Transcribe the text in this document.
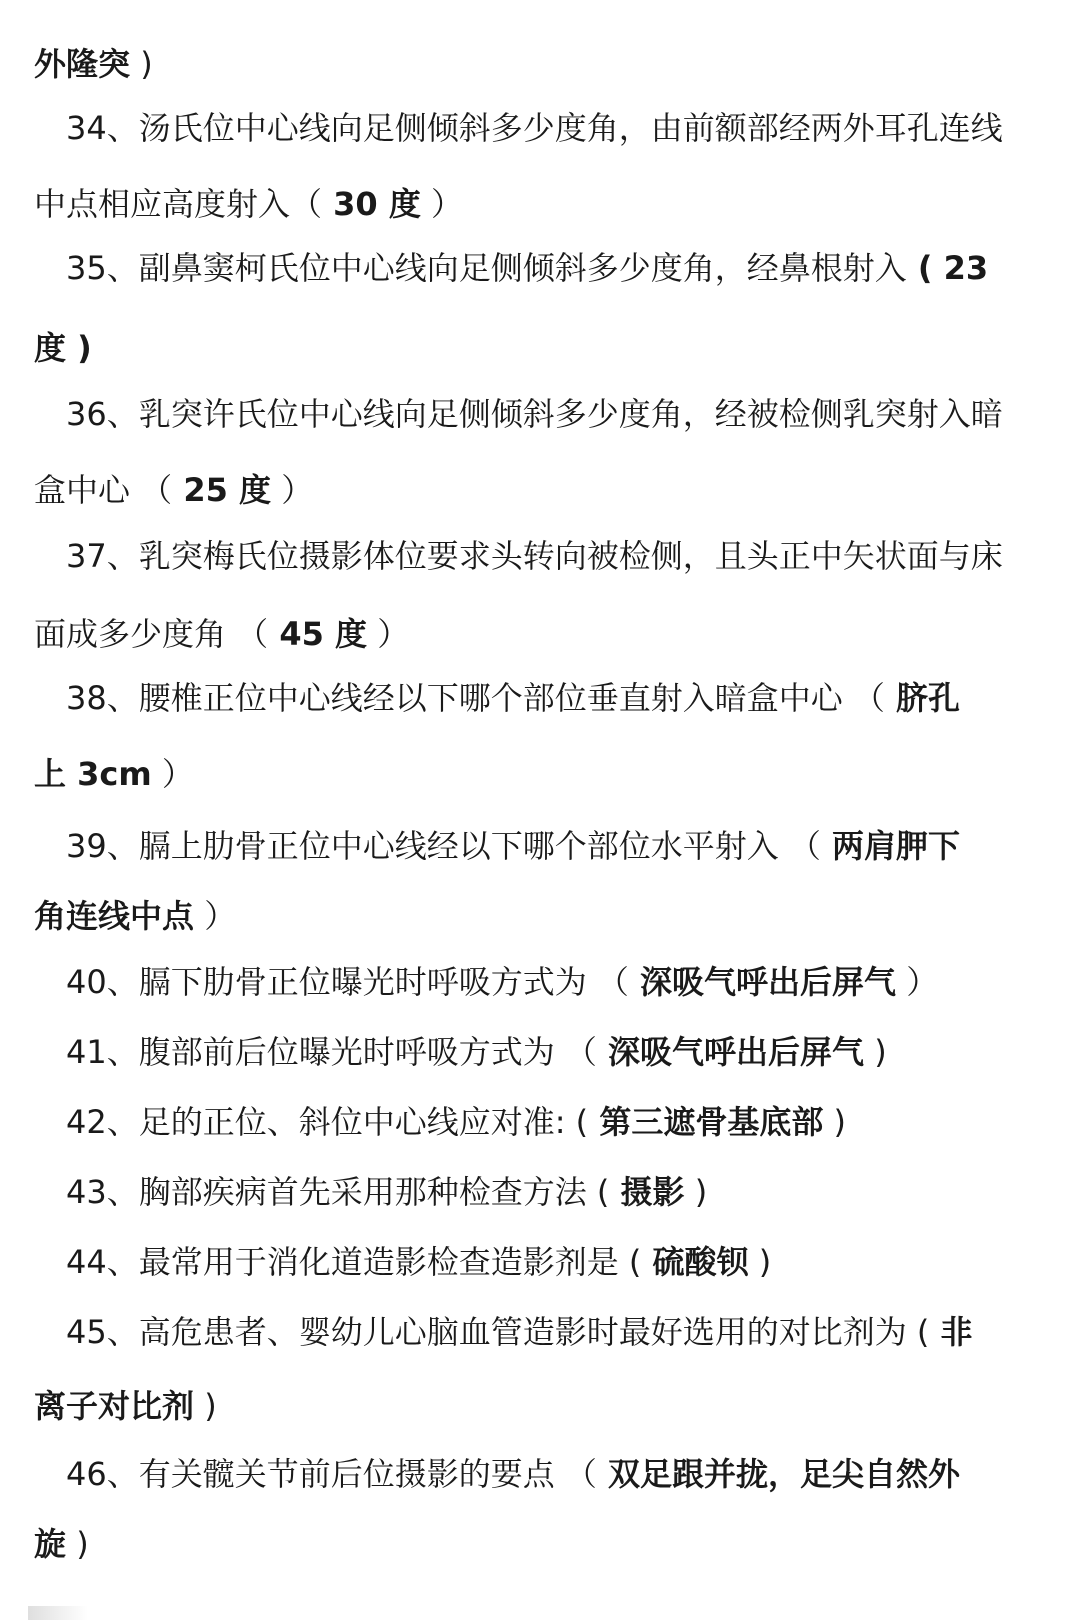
外隆突 )
34、汤氏位中心线向足侧倾斜多少度角，由前额部经两外耳孔连线
中点相应高度射入（ 30 度 ）
35、副鼻窦柯氏位中心线向足侧倾斜多少度角，经鼻根射入 ( 23
度 )
36、乳突许氏位中心线向足侧倾斜多少度角，经被检侧乳突射入暗
盒中心 （ 25 度 ）
37、乳突梅氏位摄影体位要求头转向被检侧，且头正中矢状面与床
面成多少度角 （ 45 度 ）
38、腰椎正位中心线经以下哪个部位垂直射入暗盒中心 （ 脐孔
上 3cm ）
39、膈上肋骨正位中心线经以下哪个部位水平射入 （ 两肩胛下
角连线中点 ）
40、膈下肋骨正位曝光时呼吸方式为 （ 深吸气呼出后屏气 ）
41、腹部前后位曝光时呼吸方式为 （ 深吸气呼出后屏气 )
42、足的正位、斜位中心线应对准: ( 第三遮骨基底部 )
43、胸部疾病首先采用那种检查方法 ( 摄影 )
44、最常用于消化道造影检查造影剂是 ( 硫酸钡 )
45、高危患者、婴幼儿心脑血管造影时最好选用的对比剂为 ( 非
离子对比剂 )
46、有关髋关节前后位摄影的要点 （ 双足跟并拢，足尖自然外
旋 )
